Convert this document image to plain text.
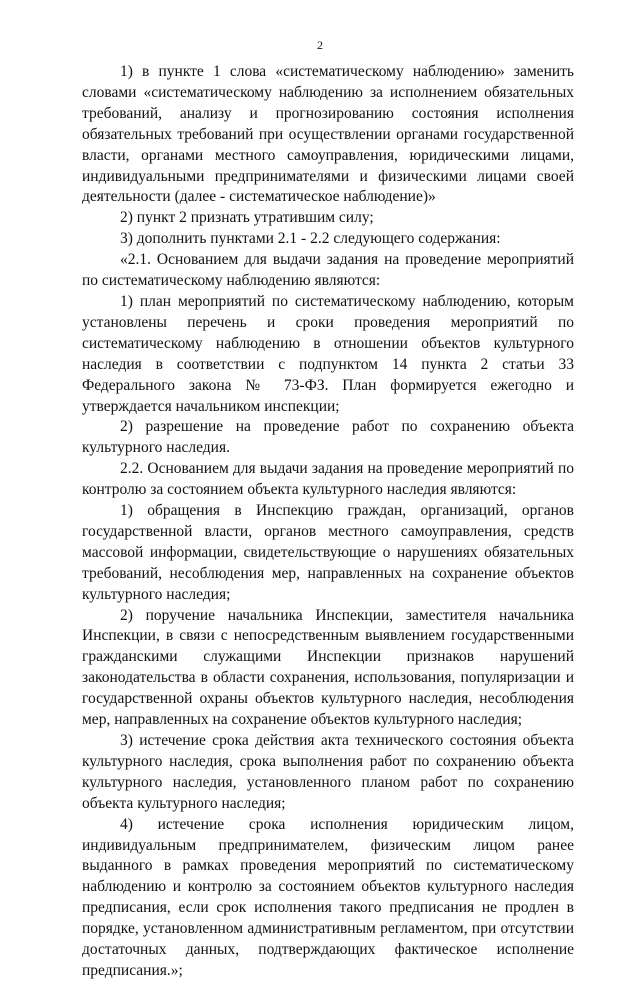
2

1) в пункте 1 слова «систематическому наблюдению» заменить словами «систематическому наблюдению за исполнением обязательных требований, анализу и прогнозированию состояния исполнения обязательных требований при осуществлении органами государственной власти, органами местного самоуправления, юридическими лицами, индивидуальными предпринимателями и физическими лицами своей деятельности (далее - систематическое наблюдение)»

2) пункт 2 признать утратившим силу;

3) дополнить пунктами 2.1 - 2.2 следующего содержания:

«2.1. Основанием для выдачи задания на проведение мероприятий по систематическому наблюдению являются:

1) план мероприятий по систематическому наблюдению, которым установлены перечень и сроки проведения мероприятий по систематическому наблюдению в отношении объектов культурного наследия в соответствии с подпунктом 14 пункта 2 статьи 33 Федерального закона № 73-ФЗ. План формируется ежегодно и утверждается начальником инспекции;

2) разрешение на проведение работ по сохранению объекта культурного наследия.

2.2. Основанием для выдачи задания на проведение мероприятий по контролю за состоянием объекта культурного наследия являются:

1) обращения в Инспекцию граждан, организаций, органов государственной власти, органов местного самоуправления, средств массовой информации, свидетельствующие о нарушениях обязательных требований, несоблюдения мер, направленных на сохранение объектов культурного наследия;

2) поручение начальника Инспекции, заместителя начальника Инспекции, в связи с непосредственным выявлением государственными гражданскими служащими Инспекции признаков нарушений законодательства в области сохранения, использования, популяризации и государственной охраны объектов культурного наследия, несоблюдения мер, направленных на сохранение объектов культурного наследия;

3) истечение срока действия акта технического состояния объекта культурного наследия, срока выполнения работ по сохранению объекта культурного наследия, установленного планом работ по сохранению объекта культурного наследия;

4) истечение срока исполнения юридическим лицом, индивидуальным предпринимателем, физическим лицом ранее выданного в рамках проведения мероприятий по систематическому наблюдению и контролю за состоянием объектов культурного наследия предписания, если срок исполнения такого предписания не продлен в порядке, установленном административным регламентом, при отсутствии достаточных данных, подтверждающих фактическое исполнение предписания.»;
